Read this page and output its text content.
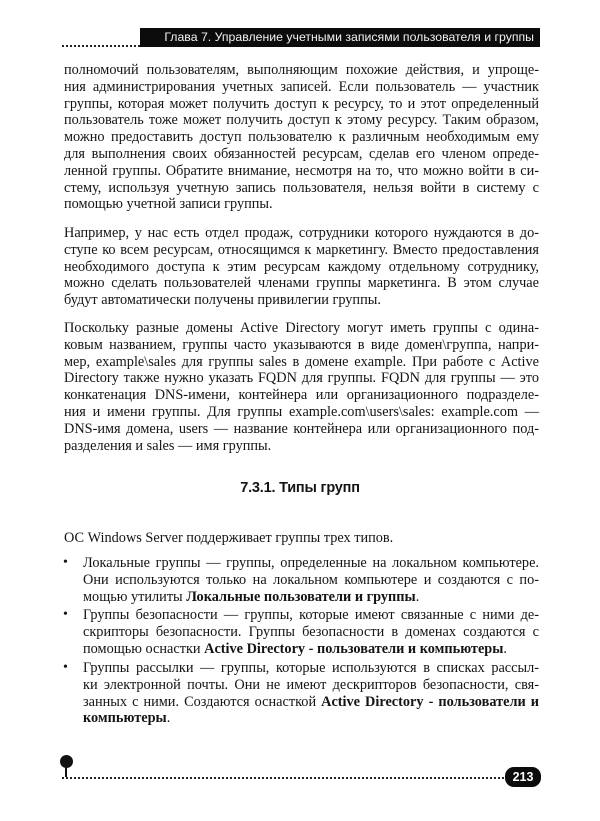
Глава 7. Управление учетными записями пользователя и группы
полномочий пользователям, выполняющим похожие действия, и упроще-
ния администрирования учетных записей. Если пользователь — участник
группы, которая может получить доступ к ресурсу, то и этот определенный
пользователь тоже может получить доступ к этому ресурсу. Таким образом,
можно предоставить доступ пользователю к различным необходимым ему
для выполнения своих обязанностей ресурсам, сделав его членом опреде-
ленной группы. Обратите внимание, несмотря на то, что можно войти в си-
стему, используя учетную запись пользователя, нельзя войти в систему с
помощью учетной записи группы.
Например, у нас есть отдел продаж, сотрудники которого нуждаются в до-
ступе ко всем ресурсам, относящимся к маркетингу. Вместо предоставления
необходимого доступа к этим ресурсам каждому отдельному сотруднику,
можно сделать пользователей членами группы маркетинга. В этом случае
будут автоматически получены привилегии группы.
Поскольку разные домены Active Directory могут иметь группы с одина-
ковым названием, группы часто указываются в виде домен\группа, напри-
мер, example\sales для группы sales в домене example. При работе с Active
Directory также нужно указать FQDN для группы. FQDN для группы — это
конкатенация DNS-имени, контейнера или организационного подразделе-
ния и имени группы. Для группы example.com\users\sales: example.com —
DNS-имя домена, users — название контейнера или организационного под-
разделения и sales — имя группы.
7.3.1. Типы групп
ОС Windows Server поддерживает группы трех типов.
• Локальные группы — группы, определенные на локальном компьютере.
Они используются только на локальном компьютере и создаются с по-
мощью утилиты Локальные пользователи и группы.
• Группы безопасности — группы, которые имеют связанные с ними де-
скрипторы безопасности. Группы безопасности в доменах создаются с
помощью оснастки Active Directory - пользователи и компьютеры.
• Группы рассылки — группы, которые используются в списках рассыл-
ки электронной почты. Они не имеют дескрипторов безопасности, свя-
занных с ними. Создаются оснасткой Active Directory - пользователи и
компьютеры.
213
